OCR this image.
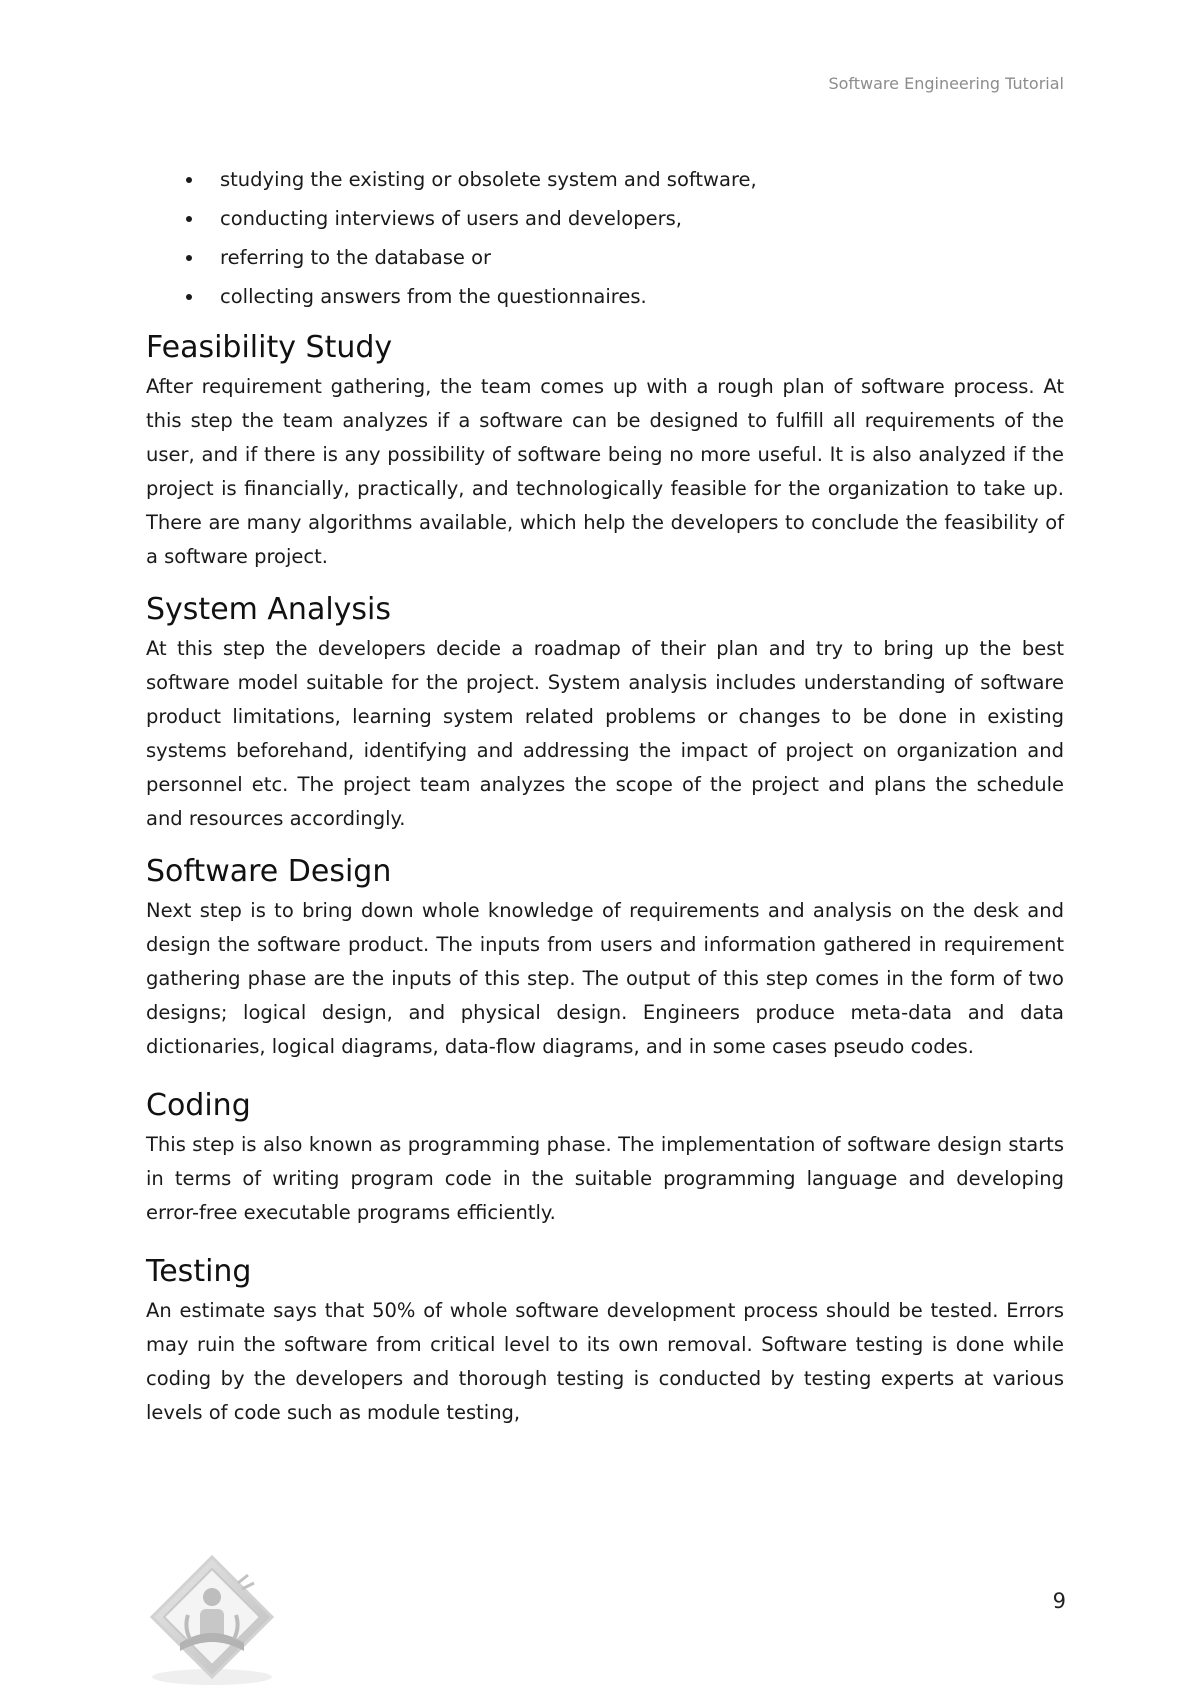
Software Engineering Tutorial
studying the existing or obsolete system and software,
conducting interviews of users and developers,
referring to the database or
collecting answers from the questionnaires.
Feasibility Study

After requirement gathering, the team comes up with a rough plan of software process. At this step the team analyzes if a software can be designed to fulfill all requirements of the user, and if there is any possibility of software being no more useful. It is also analyzed if the project is financially, practically, and technologically feasible for the organization to take up. There are many algorithms available, which help the developers to conclude the feasibility of a software project.

System Analysis

At this step the developers decide a roadmap of their plan and try to bring up the best software model suitable for the project. System analysis includes understanding of software product limitations, learning system related problems or changes to be done in existing systems beforehand, identifying and addressing the impact of project on organization and personnel etc. The project team analyzes the scope of the project and plans the schedule and resources accordingly.

Software Design

Next step is to bring down whole knowledge of requirements and analysis on the desk and design the software product. The inputs from users and information gathered in requirement gathering phase are the inputs of this step. The output of this step comes in the form of two designs; logical design, and physical design. Engineers produce meta-data and data dictionaries, logical diagrams, data-flow diagrams, and in some cases pseudo codes.

Coding

This step is also known as programming phase. The implementation of software design starts in terms of writing program code in the suitable programming language and developing error-free executable programs efficiently.

Testing

An estimate says that 50% of whole software development process should be tested. Errors may ruin the software from critical level to its own removal. Software testing is done while coding by the developers and thorough testing is conducted by testing experts at various levels of code such as module testing,

9
